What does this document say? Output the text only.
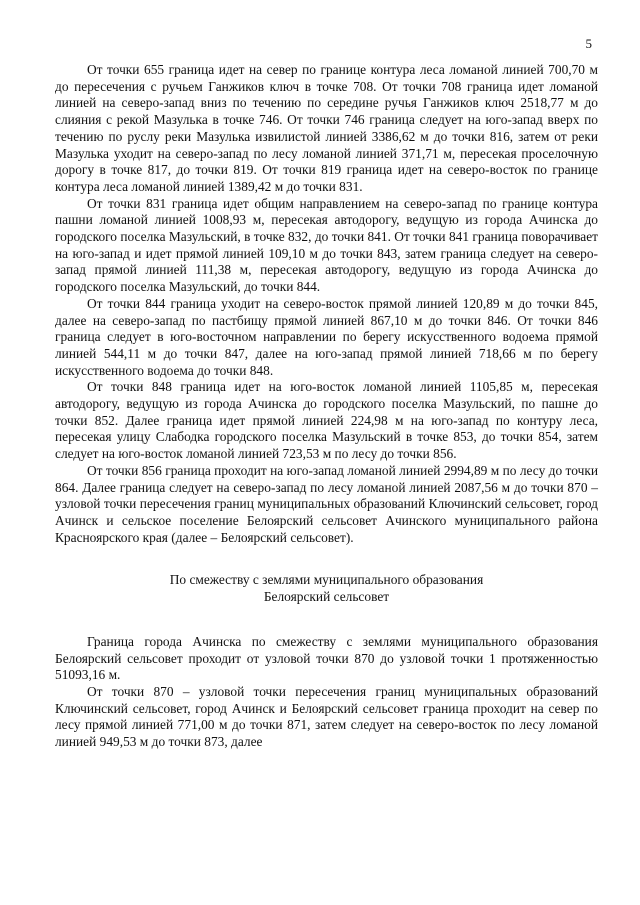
5

От точки 655 граница идет на север по границе контура леса ломаной линией 700,70 м до пересечения с ручьем Ганжиков ключ в точке 708. От точки 708 граница идет ломаной линией на северо-запад вниз по течению по середине ручья Ганжиков ключ 2518,77 м до слияния с рекой Мазулька в точке 746. От точки 746 граница следует на юго-запад вверх по течению по руслу реки Мазулька извилистой линией 3386,62 м до точки 816, затем от реки Мазулька уходит на северо-запад по лесу ломаной линией 371,71 м, пересекая проселочную дорогу в точке 817, до точки 819. От точки 819 граница идет на северо-восток по границе контура леса ломаной линией 1389,42 м до точки 831.

От точки 831 граница идет общим направлением на северо-запад по границе контура пашни ломаной линией 1008,93 м, пересекая автодорогу, ведущую из города Ачинска до городского поселка Мазульский, в точке 832, до точки 841. От точки 841 граница поворачивает на юго-запад и идет прямой линией 109,10 м до точки 843, затем граница следует на северо-запад прямой линией 111,38 м, пересекая автодорогу, ведущую из города Ачинска до городского поселка Мазульский, до точки 844.

От точки 844 граница уходит на северо-восток прямой линией 120,89 м до точки 845, далее на северо-запад по пастбищу прямой линией 867,10 м до точки 846. От точки 846 граница следует в юго-восточном направлении по берегу искусственного водоема прямой линией 544,11 м до точки 847, далее на юго-запад прямой линией 718,66 м по берегу искусственного водоема до точки 848.

От точки 848 граница идет на юго-восток ломаной линией 1105,85 м, пересекая автодорогу, ведущую из города Ачинска до городского поселка Мазульский, по пашне до точки 852. Далее граница идет прямой линией 224,98 м на юго-запад по контуру леса, пересекая улицу Слабодка городского поселка Мазульский в точке 853, до точки 854, затем следует на юго-восток ломаной линией 723,53 м по лесу до точки 856.

От точки 856 граница проходит на юго-запад ломаной линией 2994,89 м по лесу до точки 864. Далее граница следует на северо-запад по лесу ломаной линией 2087,56 м до точки 870 – узловой точки пересечения границ муниципальных образований Ключинский сельсовет, город Ачинск и сельское поселение Белоярский сельсовет Ачинского муниципального района Красноярского края (далее – Белоярский сельсовет).

По смежеству с землями муниципального образования
Белоярский сельсовет

Граница города Ачинска по смежеству с землями муниципального образования Белоярский сельсовет проходит от узловой точки 870 до узловой точки 1 протяженностью 51093,16 м.

От точки 870 – узловой точки пересечения границ муниципальных образований Ключинский сельсовет, город Ачинск и Белоярский сельсовет граница проходит на север по лесу прямой линией 771,00 м до точки 871, затем следует на северо-восток по лесу ломаной линией 949,53 м до точки 873, далее
